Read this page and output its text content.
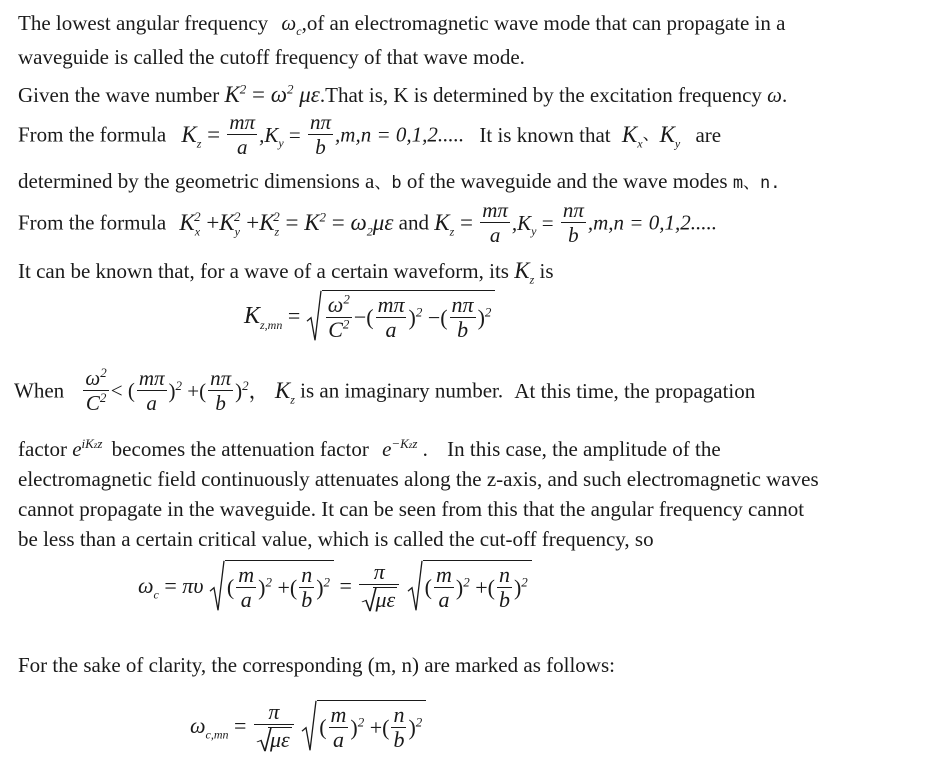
The lowest angular frequency $\omega_c,of$ an electromagnetic wave mode that can propagate in a
waveguide is called the cutoff frequency of that wave mode.
Given the wave number $K^2 = \omega^2$ με.That is, K is determined by the excitation frequency ω.
From the formula $K_z = \frac{m\pi}{a} ,K_y = \frac{n\pi}{b} ,m,n = 0,1,2$..... It is known that $K_x$、$K_y$ are
determined by the geometric dimensions a、b of the waveguide and the wave modes m、n.
From the formula $K_x^2 +K_y^2 +K_z^2 = K^2 = \omega_2\mu\varepsilon$ and $K_z = \frac{m\pi}{a} ,K_y = \frac{n\pi}{b} ,m,n = 0,1,2$.....
It can be known that, for a wave of a certain waveform, its $K_z$ is
$K_{z,mn} = \frac{\omega^2}{C^2}$ −( $\frac{m\pi}{a} )^2$ −( $\frac{n\pi}{b} )^2$
When $\frac{\omega^2}{C^2}$ < ( $\frac{m\pi}{a} )^2$ +( $\frac{n\pi}{b} )^2$， $K_z$ is an imaginary number. At this time, the propagation
factor $e^{iKzz}$ becomes the attenuation factor $e^{-Kzz}$ . In this case, the amplitude of the
electromagnetic field continuously attenuates along the z-axis, and such electromagnetic waves
cannot propagate in the waveguide. It can be seen from this that the angular frequency cannot
be less than a certain critical value, which is called the cut-off frequency, so
$\omega_c = \pi\upsilon$ ( $\frac{m}{a} )^2$ +( $\frac{n}{b} )^2 = \frac{\pi}{\mu\varepsilon}$
( $\frac{m}{a} )^2$ +( $\frac{n}{b} )^2$
For the sake of clarity, the corresponding (m, n) are marked as follows:
$\omega_{c,mn} = \frac{\pi}{\mu\varepsilon}$
( $\frac{m}{a} )^2$ +( $\frac{n}{b} )^2$
